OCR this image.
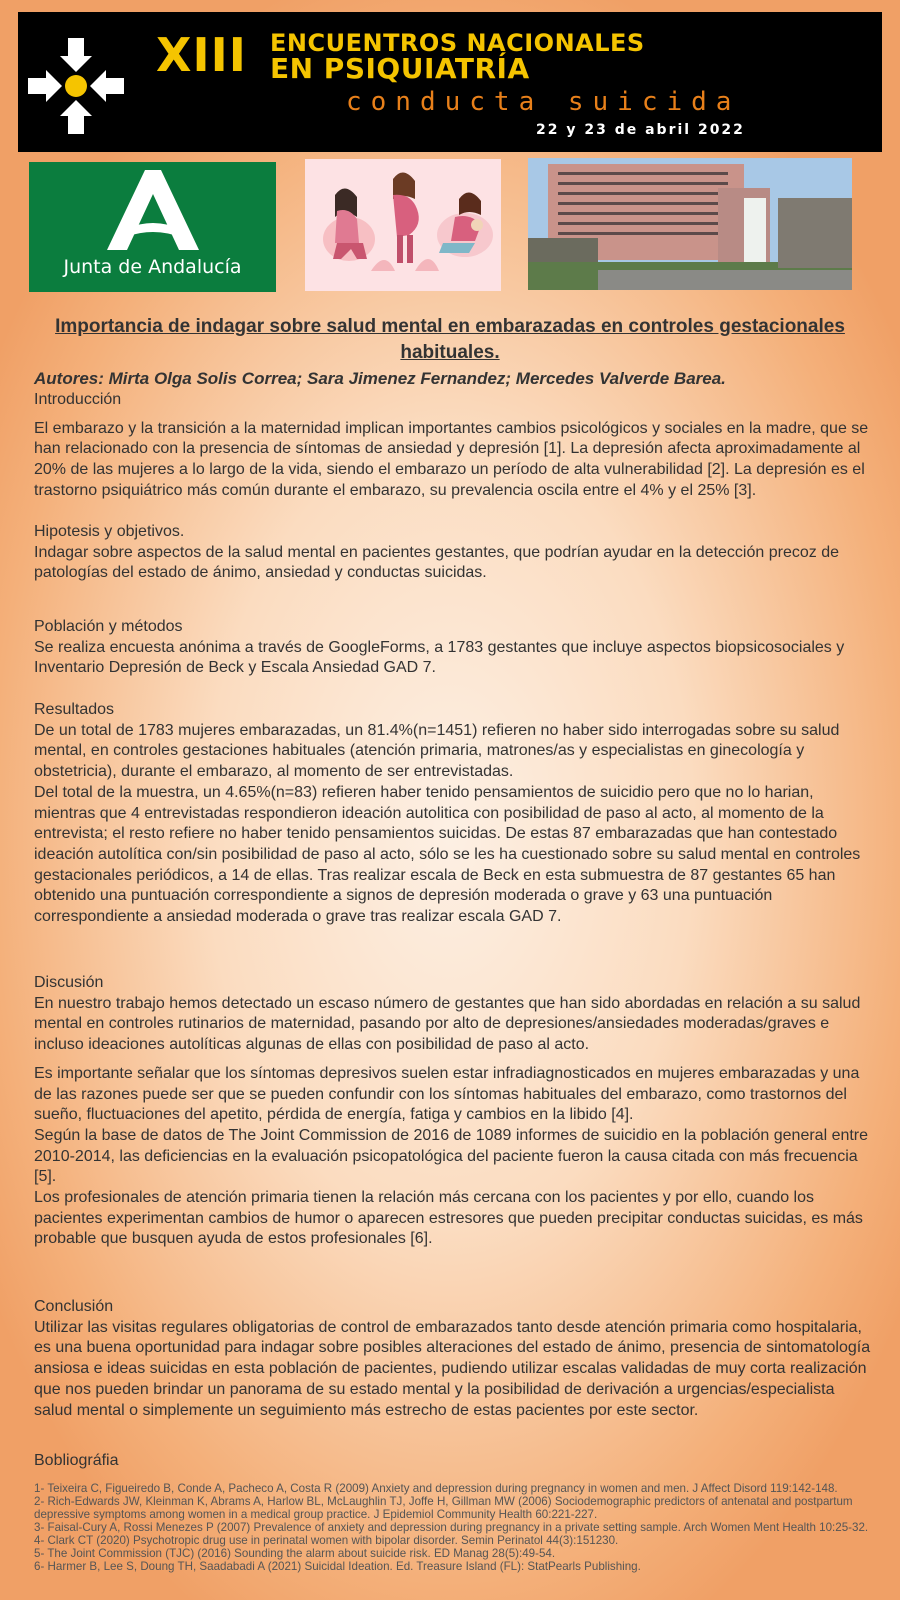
XIII ENCUENTROS NACIONALES
EN PSIQUIATRÍA
conducta suicida
22 y 23 de abril 2022
Junta de Andalucía
Importancia de indagar sobre salud mental en embarazadas en controles gestacionales habituales.
Autores: Mirta Olga Solis Correa; Sara Jimenez Fernandez; Mercedes Valverde Barea.

Introducción

El embarazo y la transición a la maternidad implican importantes cambios psicológicos y sociales en la madre, que se han relacionado con la presencia de síntomas de ansiedad y depresión [1]. La depresión afecta aproximadamente al 20% de las mujeres a lo largo de la vida, siendo el embarazo un período de alta vulnerabilidad [2]. La depresión es el trastorno psiquiátrico más común durante el embarazo, su prevalencia oscila entre el 4% y el 25% [3].

Hipotesis y objetivos.

Indagar sobre aspectos de la salud mental en pacientes gestantes, que podrían ayudar en la detección precoz de patologías del estado de ánimo, ansiedad y conductas suicidas.

Población y métodos

Se realiza encuesta anónima a través de GoogleForms, a 1783 gestantes que incluye aspectos biopsicosociales y Inventario Depresión de Beck y Escala Ansiedad GAD 7.

Resultados

De un total de 1783 mujeres embarazadas, un 81.4%(n=1451) refieren no haber sido interrogadas sobre su salud mental, en controles gestaciones habituales (atención primaria, matrones/as y especialistas en ginecología y obstetricia), durante el embarazo, al momento de ser entrevistadas.

Del total de la muestra, un 4.65%(n=83) refieren haber tenido pensamientos de suicidio pero que no lo harian, mientras que 4 entrevistadas respondieron ideación autolitica con posibilidad de paso al acto, al momento de la entrevista; el resto refiere no haber tenido pensamientos suicidas. De estas 87 embarazadas que han contestado ideación autolítica con/sin posibilidad de paso al acto, sólo se les ha cuestionado sobre su salud mental en controles gestacionales periódicos, a 14 de ellas. Tras realizar escala de Beck en esta submuestra de 87 gestantes 65 han obtenido una puntuación correspondiente a signos de depresión moderada o grave y 63 una puntuación correspondiente a ansiedad moderada o grave tras realizar escala GAD 7.

Discusión

En nuestro trabajo hemos detectado un escaso número de gestantes que han sido abordadas en relación a su salud mental en controles rutinarios de maternidad, pasando por alto de depresiones/ansiedades moderadas/graves e incluso ideaciones autolíticas algunas de ellas con posibilidad de paso al acto.

Es importante señalar que los síntomas depresivos suelen estar infradiagnosticados en mujeres embarazadas y una de las razones puede ser que se pueden confundir con los síntomas habituales del embarazo, como trastornos del sueño, fluctuaciones del apetito, pérdida de energía, fatiga y cambios en la libido [4].

Según la base de datos de The Joint Commission de 2016 de 1089 informes de suicidio en la población general entre 2010-2014, las deficiencias en la evaluación psicopatológica del paciente fueron la causa citada con más frecuencia [5].

Los profesionales de atención primaria tienen la relación más cercana con los pacientes y por ello, cuando los pacientes experimentan cambios de humor o aparecen estresores que pueden precipitar conductas suicidas, es más probable que busquen ayuda de estos profesionales [6].

Conclusión

Utilizar las visitas regulares obligatorias de control de embarazados tanto desde atención primaria como hospitalaria, es una buena oportunidad para indagar sobre posibles alteraciones del estado de ánimo, presencia de sintomatología ansiosa e ideas suicidas en esta población de pacientes, pudiendo utilizar escalas validadas de muy corta realización que nos pueden brindar un panorama de su estado mental y la posibilidad de derivación a urgencias/especialista salud mental o simplemente un seguimiento más estrecho de estas pacientes por este sector.

Bobliográfia

1- Teixeira C, Figueiredo B, Conde A, Pacheco A, Costa R (2009) Anxiety and depression during pregnancy in women and men. J Affect Disord 119:142-148.

2- Rich-Edwards JW, Kleinman K, Abrams A, Harlow BL, McLaughlin TJ, Joffe H, Gillman MW (2006) Sociodemographic predictors of antenatal and postpartum depressive symptoms among women in a medical group practice. J Epidemiol Community Health 60:221-227.

3- Faisal-Cury A, Rossi Menezes P (2007) Prevalence of anxiety and depression during pregnancy in a private setting sample. Arch Women Ment Health 10:25-32.

4- Clark CT (2020) Psychotropic drug use in perinatal women with bipolar disorder. Semin Perinatol 44(3):151230.

5- The Joint Commission (TJC) (2016) Sounding the alarm about suicide risk. ED Manag 28(5):49-54.

6- Harmer B, Lee S, Doung TH, Saadabadi A (2021) Suicidal Ideation. Ed. Treasure Island (FL): StatPearls Publishing.
